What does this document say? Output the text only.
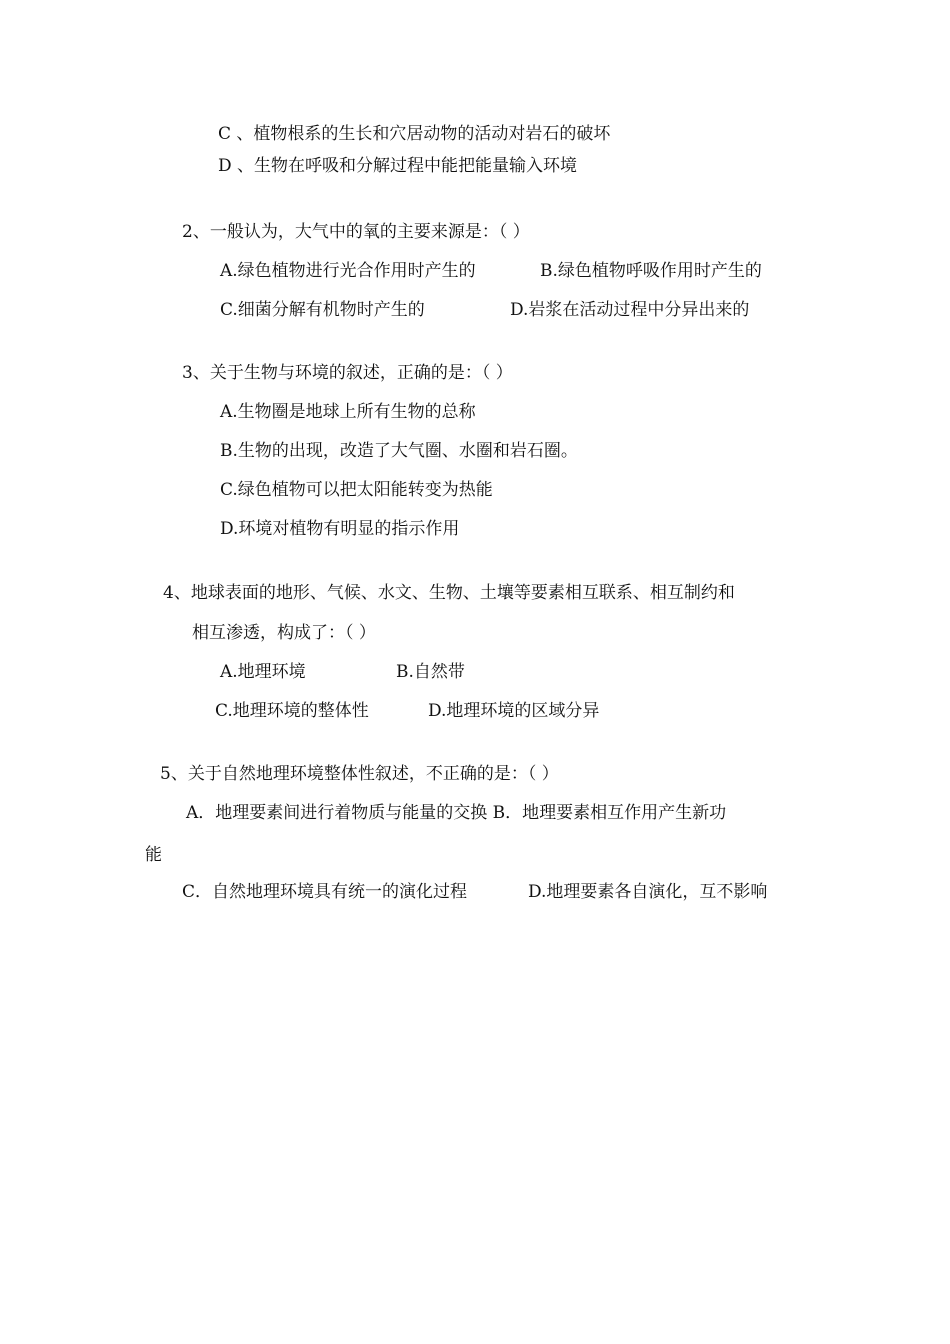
C 、植物根系的生长和穴居动物的活动对岩石的破坏
D 、生物在呼吸和分解过程中能把能量输入环境
2、一般认为，大气中的氧的主要来源是：（ ）
A.绿色植物进行光合作用时产生的	B.绿色植物呼吸作用时产生的
C.细菌分解有机物时产生的	D.岩浆在活动过程中分异出来的
3、关于生物与环境的叙述，正确的是：（ ）
A.生物圈是地球上所有生物的总称
B.生物的出现，改造了大气圈、水圈和岩石圈。
C.绿色植物可以把太阳能转变为热能
D.环境对植物有明显的指示作用
4、地球表面的地形、气候、水文、生物、土壤等要素相互联系、相互制约和
相互渗透，构成了：（ ）
A.地理环境	B.自然带
C.地理环境的整体性	D.地理环境的区域分异
5、关于自然地理环境整体性叙述，不正确的是：（ ）
A．地理要素间进行着物质与能量的交换 B．地理要素相互作用产生新功
能
C．自然地理环境具有统一的演化过程	D.地理要素各自演化，互不影响
